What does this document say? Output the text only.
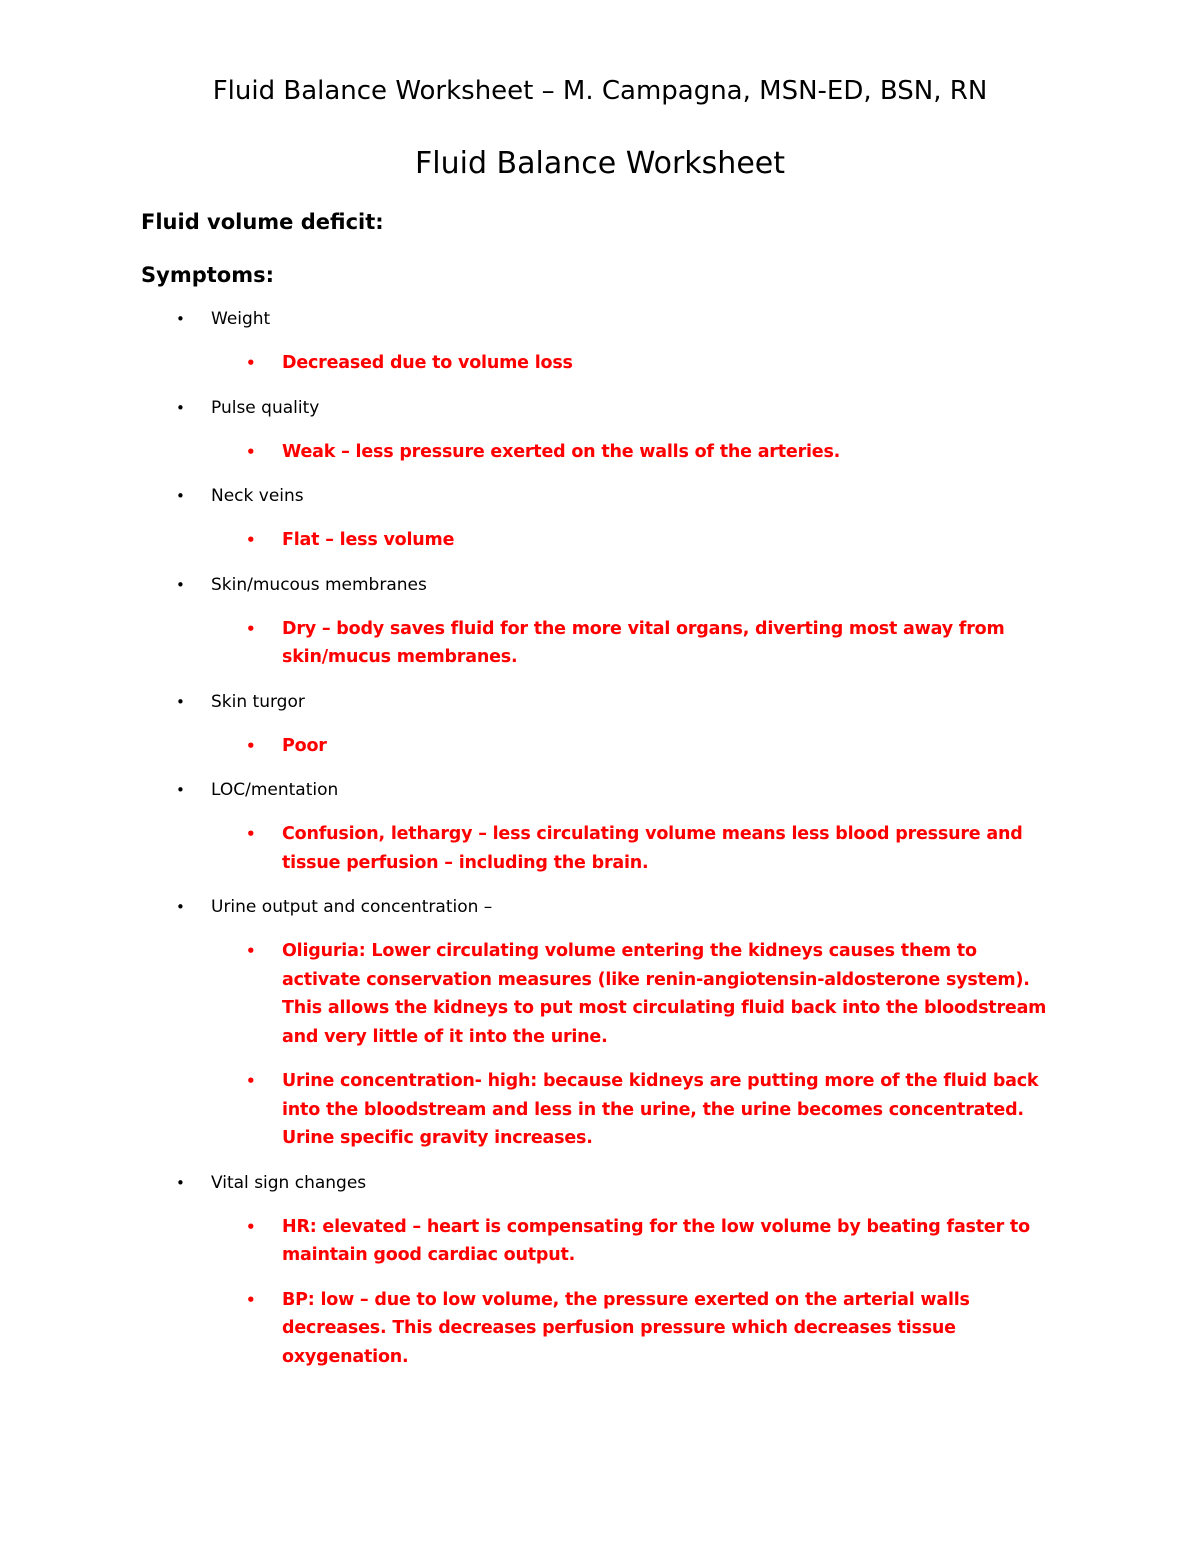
Fluid Balance Worksheet – M. Campagna, MSN-ED, BSN, RN
Fluid Balance Worksheet
Fluid volume deficit:
Symptoms:
• Weight
• Decreased due to volume loss
• Pulse quality
• Weak – less pressure exerted on the walls of the arteries.
• Neck veins
• Flat – less volume
• Skin/mucous membranes
• Dry – body saves fluid for the more vital organs, diverting most away from skin/mucus membranes.
• Skin turgor
• Poor
• LOC/mentation
• Confusion, lethargy – less circulating volume means less blood pressure and tissue perfusion – including the brain.
• Urine output and concentration –
• Oliguria: Lower circulating volume entering the kidneys causes them to activate conservation measures (like renin-angiotensin-aldosterone system). This allows the kidneys to put most circulating fluid back into the bloodstream and very little of it into the urine.
• Urine concentration- high: because kidneys are putting more of the fluid back into the bloodstream and less in the urine, the urine becomes concentrated. Urine specific gravity increases.
• Vital sign changes
• HR: elevated – heart is compensating for the low volume by beating faster to maintain good cardiac output.
• BP: low – due to low volume, the pressure exerted on the arterial walls decreases. This decreases perfusion pressure which decreases tissue oxygenation.
